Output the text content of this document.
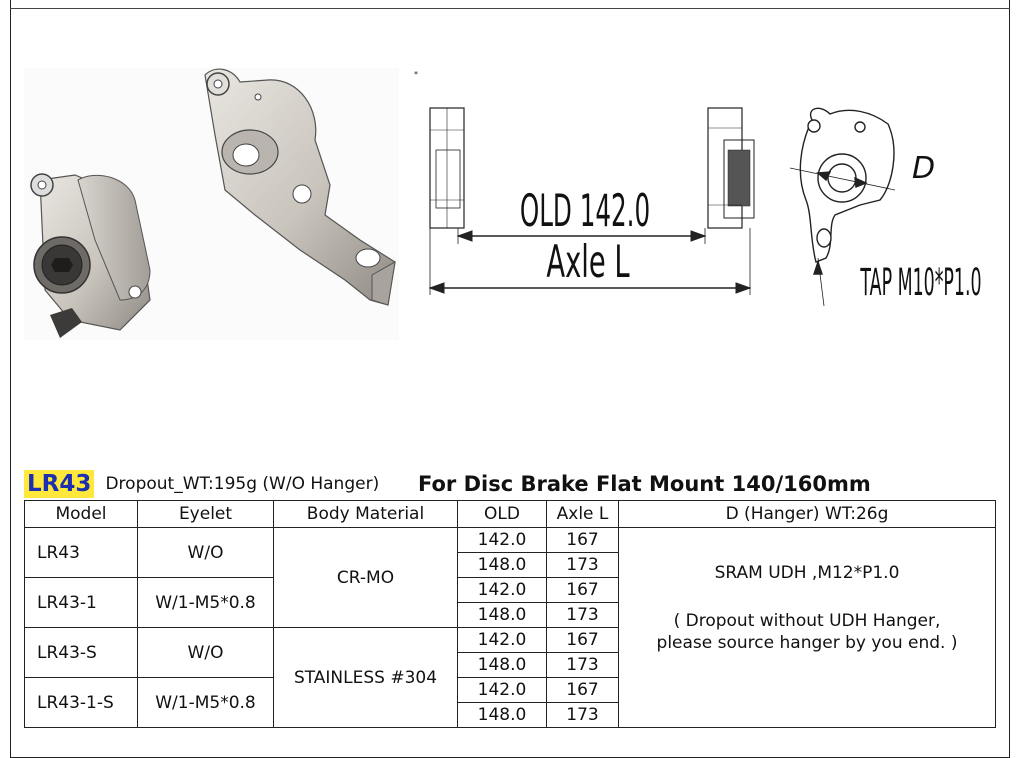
*
OLD 142.0
Axle L
D
TAP M10*P1.0
LR43 Dropout_WT:195g (W/O Hanger) For Disc Brake Flat Mount 140/160mm
Model	Eyelet	Body Material	OLD	Axle L	D (Hanger) WT:26g
LR43	W/O	CR-MO	142.0	167	SRAM UDH ,M12*P1.0
( Dropout without UDH Hanger,
please source hanger by you end. )

			148.0	173	
LR43-1	W/1-M5*0.8		142.0	167	
			148.0	173	
LR43-S	W/O	STAINLESS #304	142.0	167	
			148.0	173	
LR43-1-S	W/1-M5*0.8		142.0	167	
			148.0	173	
